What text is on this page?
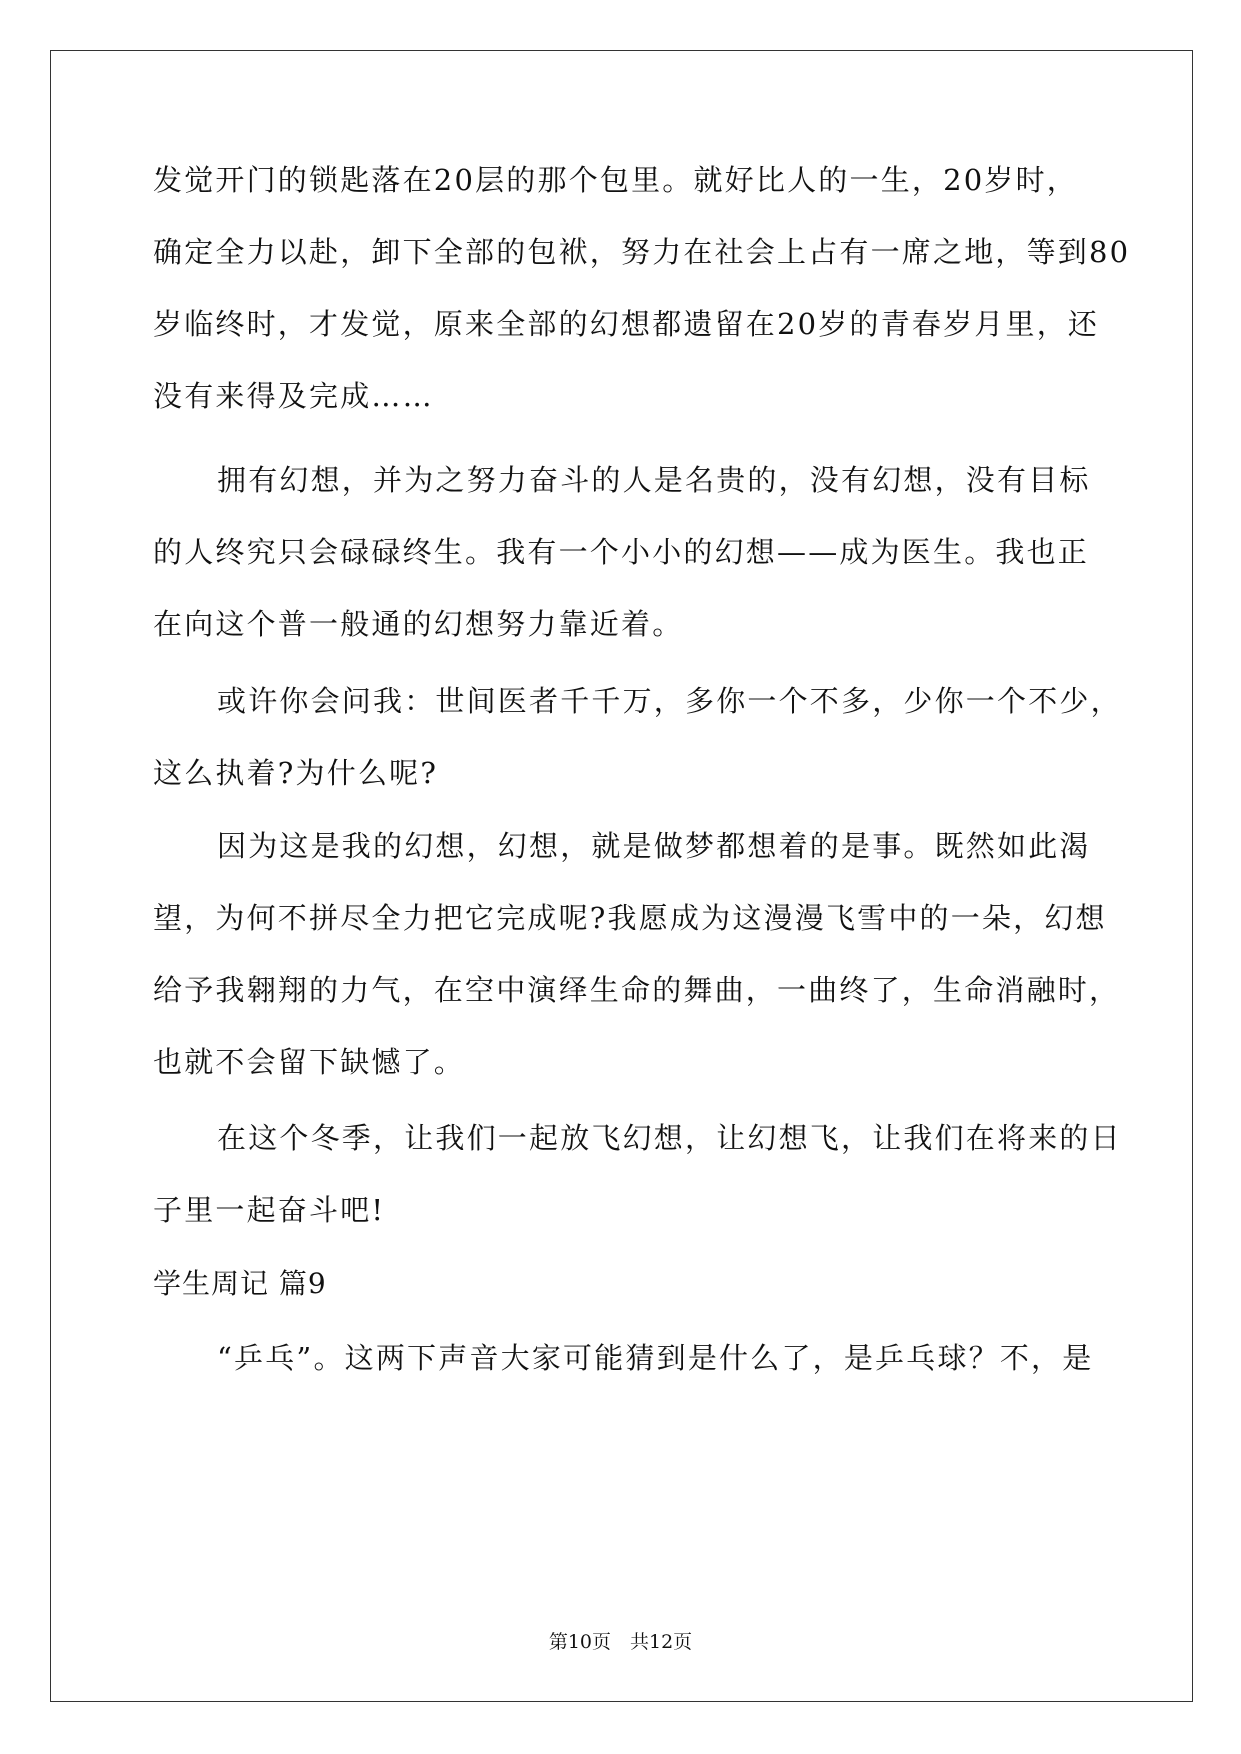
发觉开门的锁匙落在20层的那个包里。就好比人的一生，20岁时，
确定全力以赴，卸下全部的包袱，努力在社会上占有一席之地，等到80
岁临终时，才发觉，原来全部的幻想都遗留在20岁的青春岁月里，还
没有来得及完成……
拥有幻想，并为之努力奋斗的人是名贵的，没有幻想，没有目标
的人终究只会碌碌终生。我有一个小小的幻想——成为医生。我也正
在向这个普一般通的幻想努力靠近着。
或许你会问我：世间医者千千万，多你一个不多，少你一个不少，
这么执着?为什么呢?
因为这是我的幻想，幻想，就是做梦都想着的是事。既然如此渴
望，为何不拼尽全力把它完成呢?我愿成为这漫漫飞雪中的一朵，幻想
给予我翱翔的力气，在空中演绎生命的舞曲，一曲终了，生命消融时，
也就不会留下缺憾了。
在这个冬季，让我们一起放飞幻想，让幻想飞，让我们在将来的日
子里一起奋斗吧!
学生周记 篇9
“乒乓”。这两下声音大家可能猜到是什么了，是乒乓球？不，是
第10页　共12页
